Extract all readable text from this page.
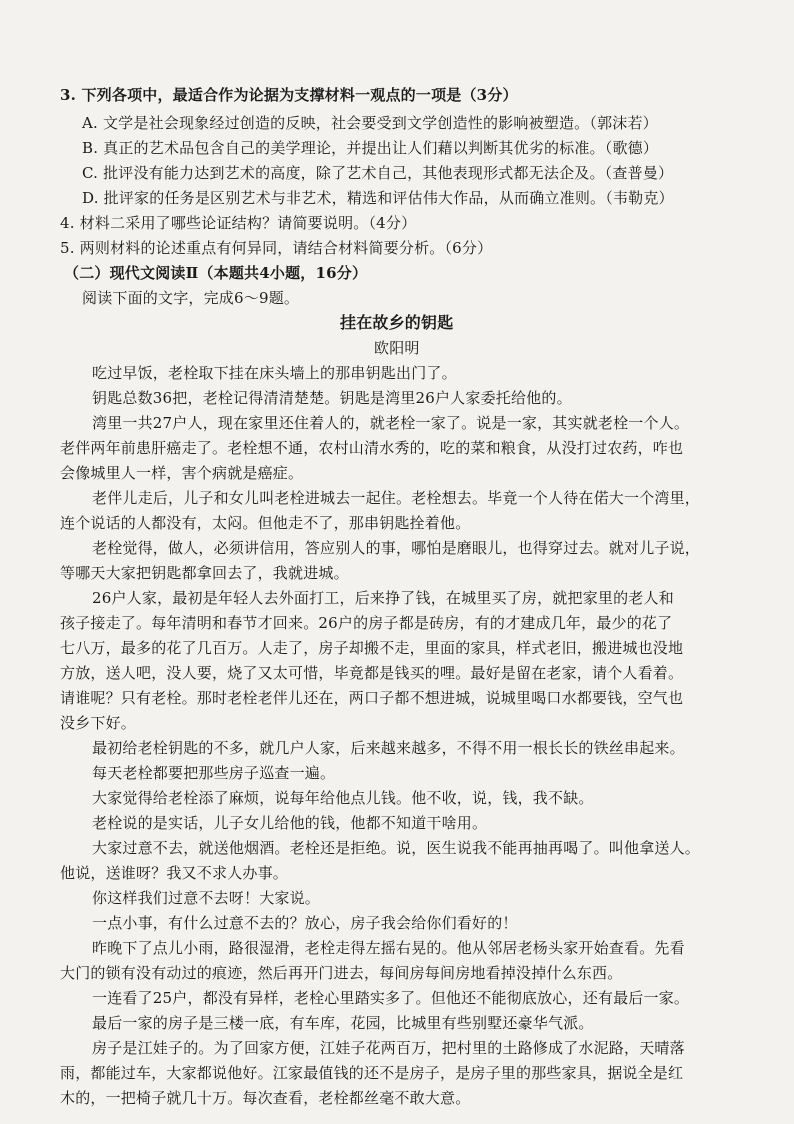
3. 下列各项中，最适合作为论据为支撑材料一观点的一项是（3分）
A. 文学是社会现象经过创造的反映，社会要受到文学创造性的影响被塑造。（郭沫若）
B. 真正的艺术品包含自己的美学理论，并提出让人们藉以判断其优劣的标准。（歌德）
C. 批评没有能力达到艺术的高度，除了艺术自己，其他表现形式都无法企及。（查普曼）
D. 批评家的任务是区别艺术与非艺术，精选和评估伟大作品，从而确立准则。（韦勒克）
4. 材料二采用了哪些论证结构？请简要说明。（4分）
5. 两则材料的论述重点有何异同，请结合材料简要分析。（6分）
（二）现代文阅读Ⅱ（本题共4小题，16分）
阅读下面的文字，完成6～9题。
挂在故乡的钥匙
欧阳明
吃过早饭，老栓取下挂在床头墙上的那串钥匙出门了。
钥匙总数36把，老栓记得清清楚楚。钥匙是湾里26户人家委托给他的。
湾里一共27户人，现在家里还住着人的，就老栓一家了。说是一家，其实就老栓一个人。
老伴两年前患肝癌走了。老栓想不通，农村山清水秀的，吃的菜和粮食，从没打过农药，咋也
会像城里人一样，害个病就是癌症。
老伴儿走后，儿子和女儿叫老栓进城去一起住。老栓想去。毕竟一个人待在偌大一个湾里，
连个说话的人都没有，太闷。但他走不了，那串钥匙拴着他。
老栓觉得，做人，必须讲信用，答应别人的事，哪怕是磨眼儿，也得穿过去。就对儿子说，
等哪天大家把钥匙都拿回去了，我就进城。
26户人家，最初是年轻人去外面打工，后来挣了钱，在城里买了房，就把家里的老人和
孩子接走了。每年清明和春节才回来。26户的房子都是砖房，有的才建成几年，最少的花了
七八万，最多的花了几百万。人走了，房子却搬不走，里面的家具，样式老旧，搬进城也没地
方放，送人吧，没人要，烧了又太可惜，毕竟都是钱买的哩。最好是留在老家，请个人看着。
请谁呢？只有老栓。那时老栓老伴儿还在，两口子都不想进城，说城里喝口水都要钱，空气也
没乡下好。
最初给老栓钥匙的不多，就几户人家，后来越来越多，不得不用一根长长的铁丝串起来。
每天老栓都要把那些房子巡查一遍。
大家觉得给老栓添了麻烦，说每年给他点儿钱。他不收，说，钱，我不缺。
老栓说的是实话，儿子女儿给他的钱，他都不知道干啥用。
大家过意不去，就送他烟酒。老栓还是拒绝。说，医生说我不能再抽再喝了。叫他拿送人。
他说，送谁呀？我又不求人办事。
你这样我们过意不去呀！大家说。
一点小事，有什么过意不去的？放心，房子我会给你们看好的！
昨晚下了点儿小雨，路很湿滑，老栓走得左摇右晃的。他从邻居老杨头家开始查看。先看
大门的锁有没有动过的痕迹，然后再开门进去，每间房每间房地看掉没掉什么东西。
一连看了25户，都没有异样，老栓心里踏实多了。但他还不能彻底放心，还有最后一家。
最后一家的房子是三楼一底，有车库，花园，比城里有些别墅还豪华气派。
房子是江娃子的。为了回家方便，江娃子花两百万，把村里的土路修成了水泥路，天晴落
雨，都能过车，大家都说他好。江家最值钱的还不是房子，是房子里的那些家具，据说全是红
木的，一把椅子就几十万。每次查看，老栓都丝毫不敢大意。
